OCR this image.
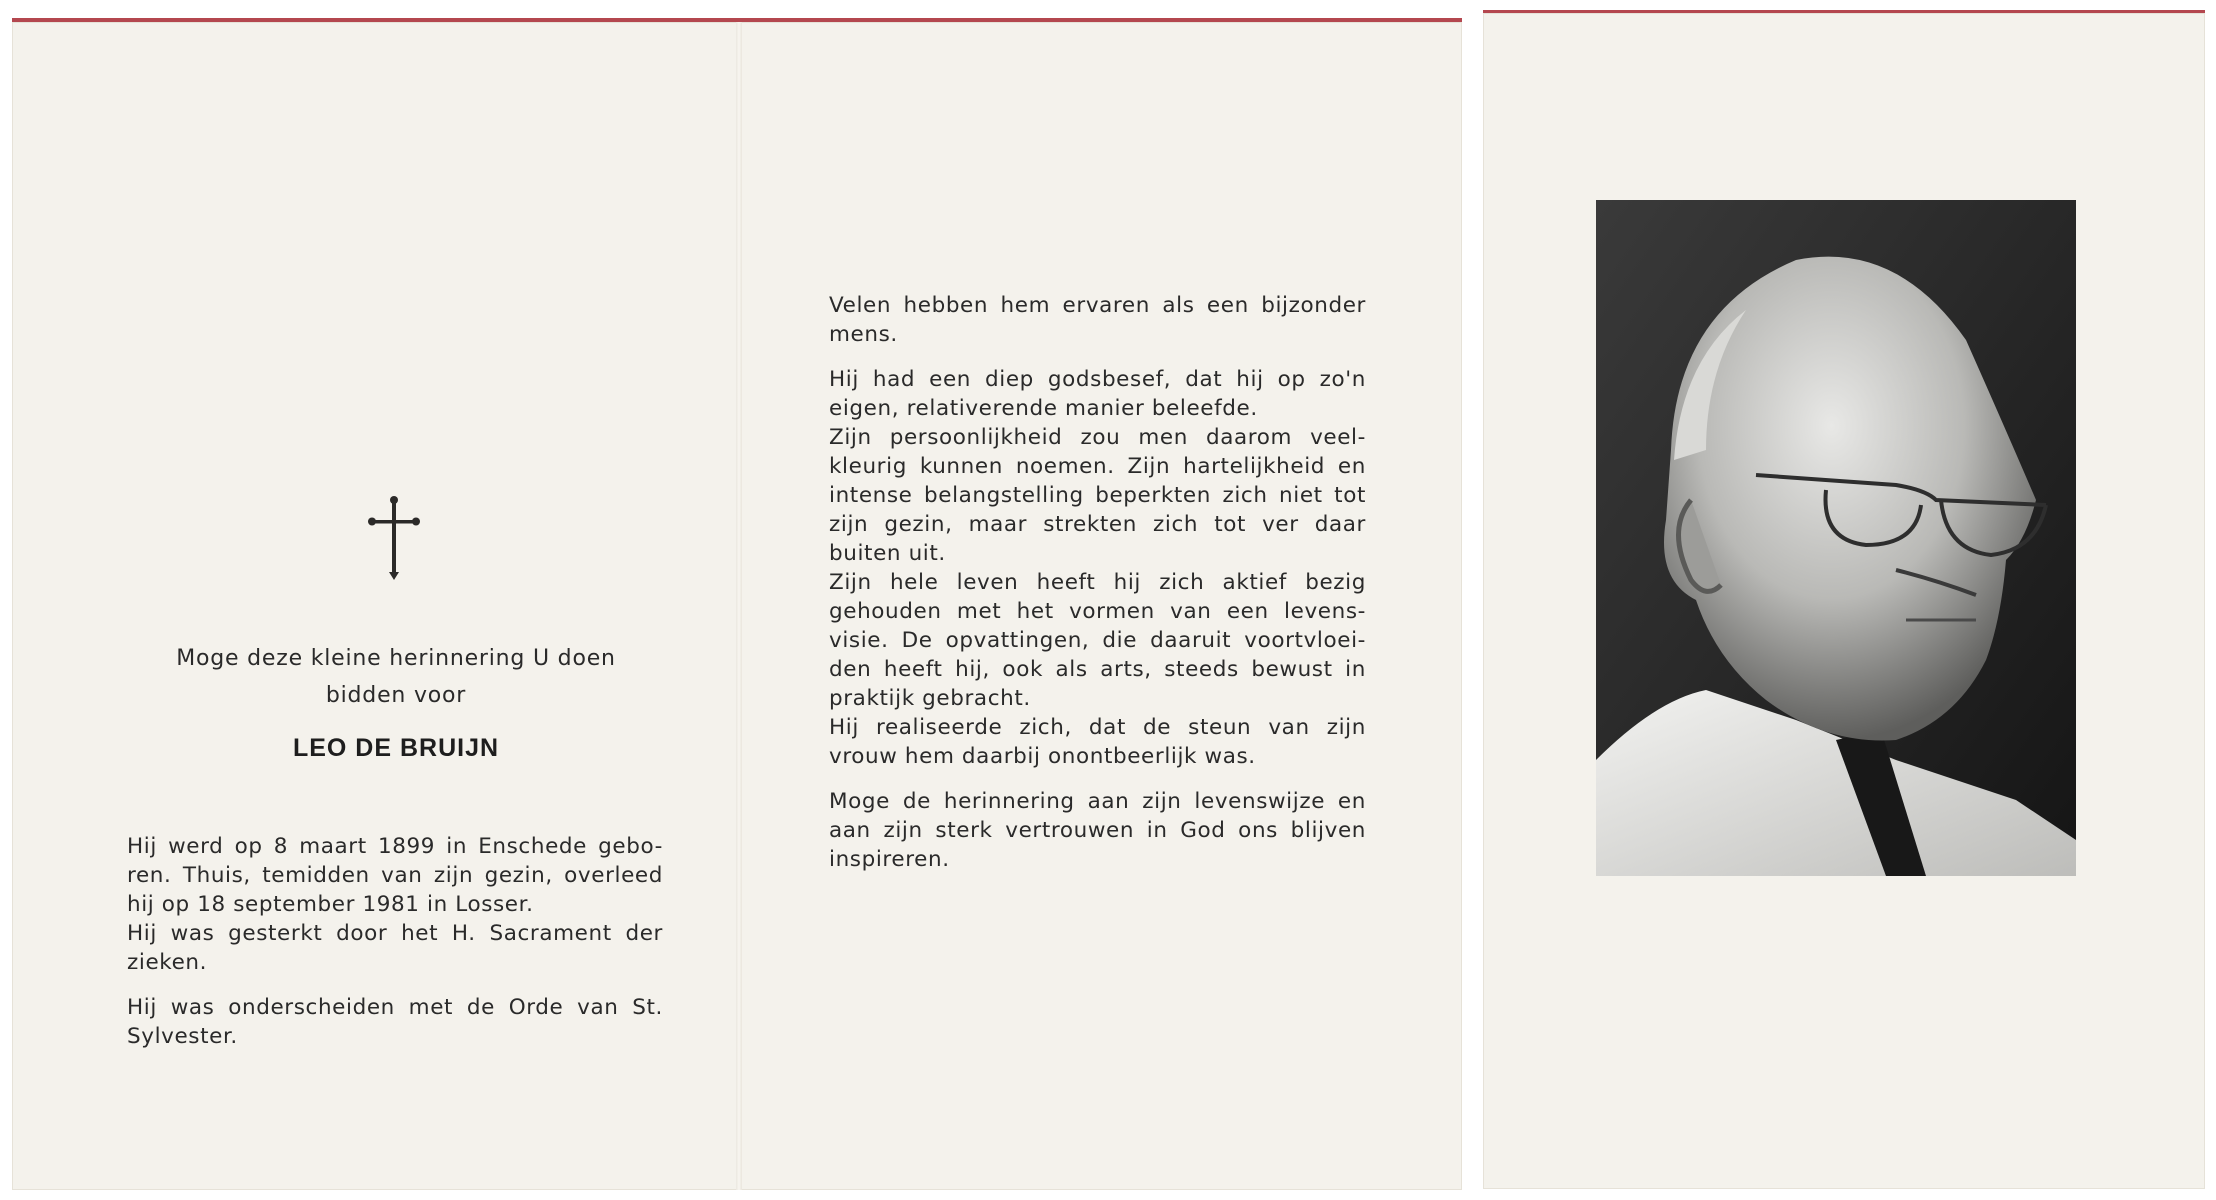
Moge deze kleine herinnering U doen
bidden voor
LEO DE BRUIJN

Hij werd op 8 maart 1899 in Enschede gebo-ren. Thuis, temidden van zijn gezin, overleed hij op 18 september 1981 in Losser.

Hij was gesterkt door het H. Sacrament der zieken.

Hij was onderscheiden met de Orde van St. Sylvester.

Velen hebben hem ervaren als een bijzonder mens.

Hij had een diep godsbesef, dat hij op zo'n eigen, relativerende manier beleefde.

Zijn persoonlijkheid zou men daarom veel-kleurig kunnen noemen. Zijn hartelijkheid en intense belangstelling beperkten zich niet tot zijn gezin, maar strekten zich tot ver daar buiten uit.

Zijn hele leven heeft hij zich aktief bezig gehouden met het vormen van een levens-visie. De opvattingen, die daaruit voortvloei-den heeft hij, ook als arts, steeds bewust in praktijk gebracht.

Hij realiseerde zich, dat de steun van zijn vrouw hem daarbij onontbeerlijk was.

Moge de herinnering aan zijn levenswijze en aan zijn sterk vertrouwen in God ons blijven inspireren.
